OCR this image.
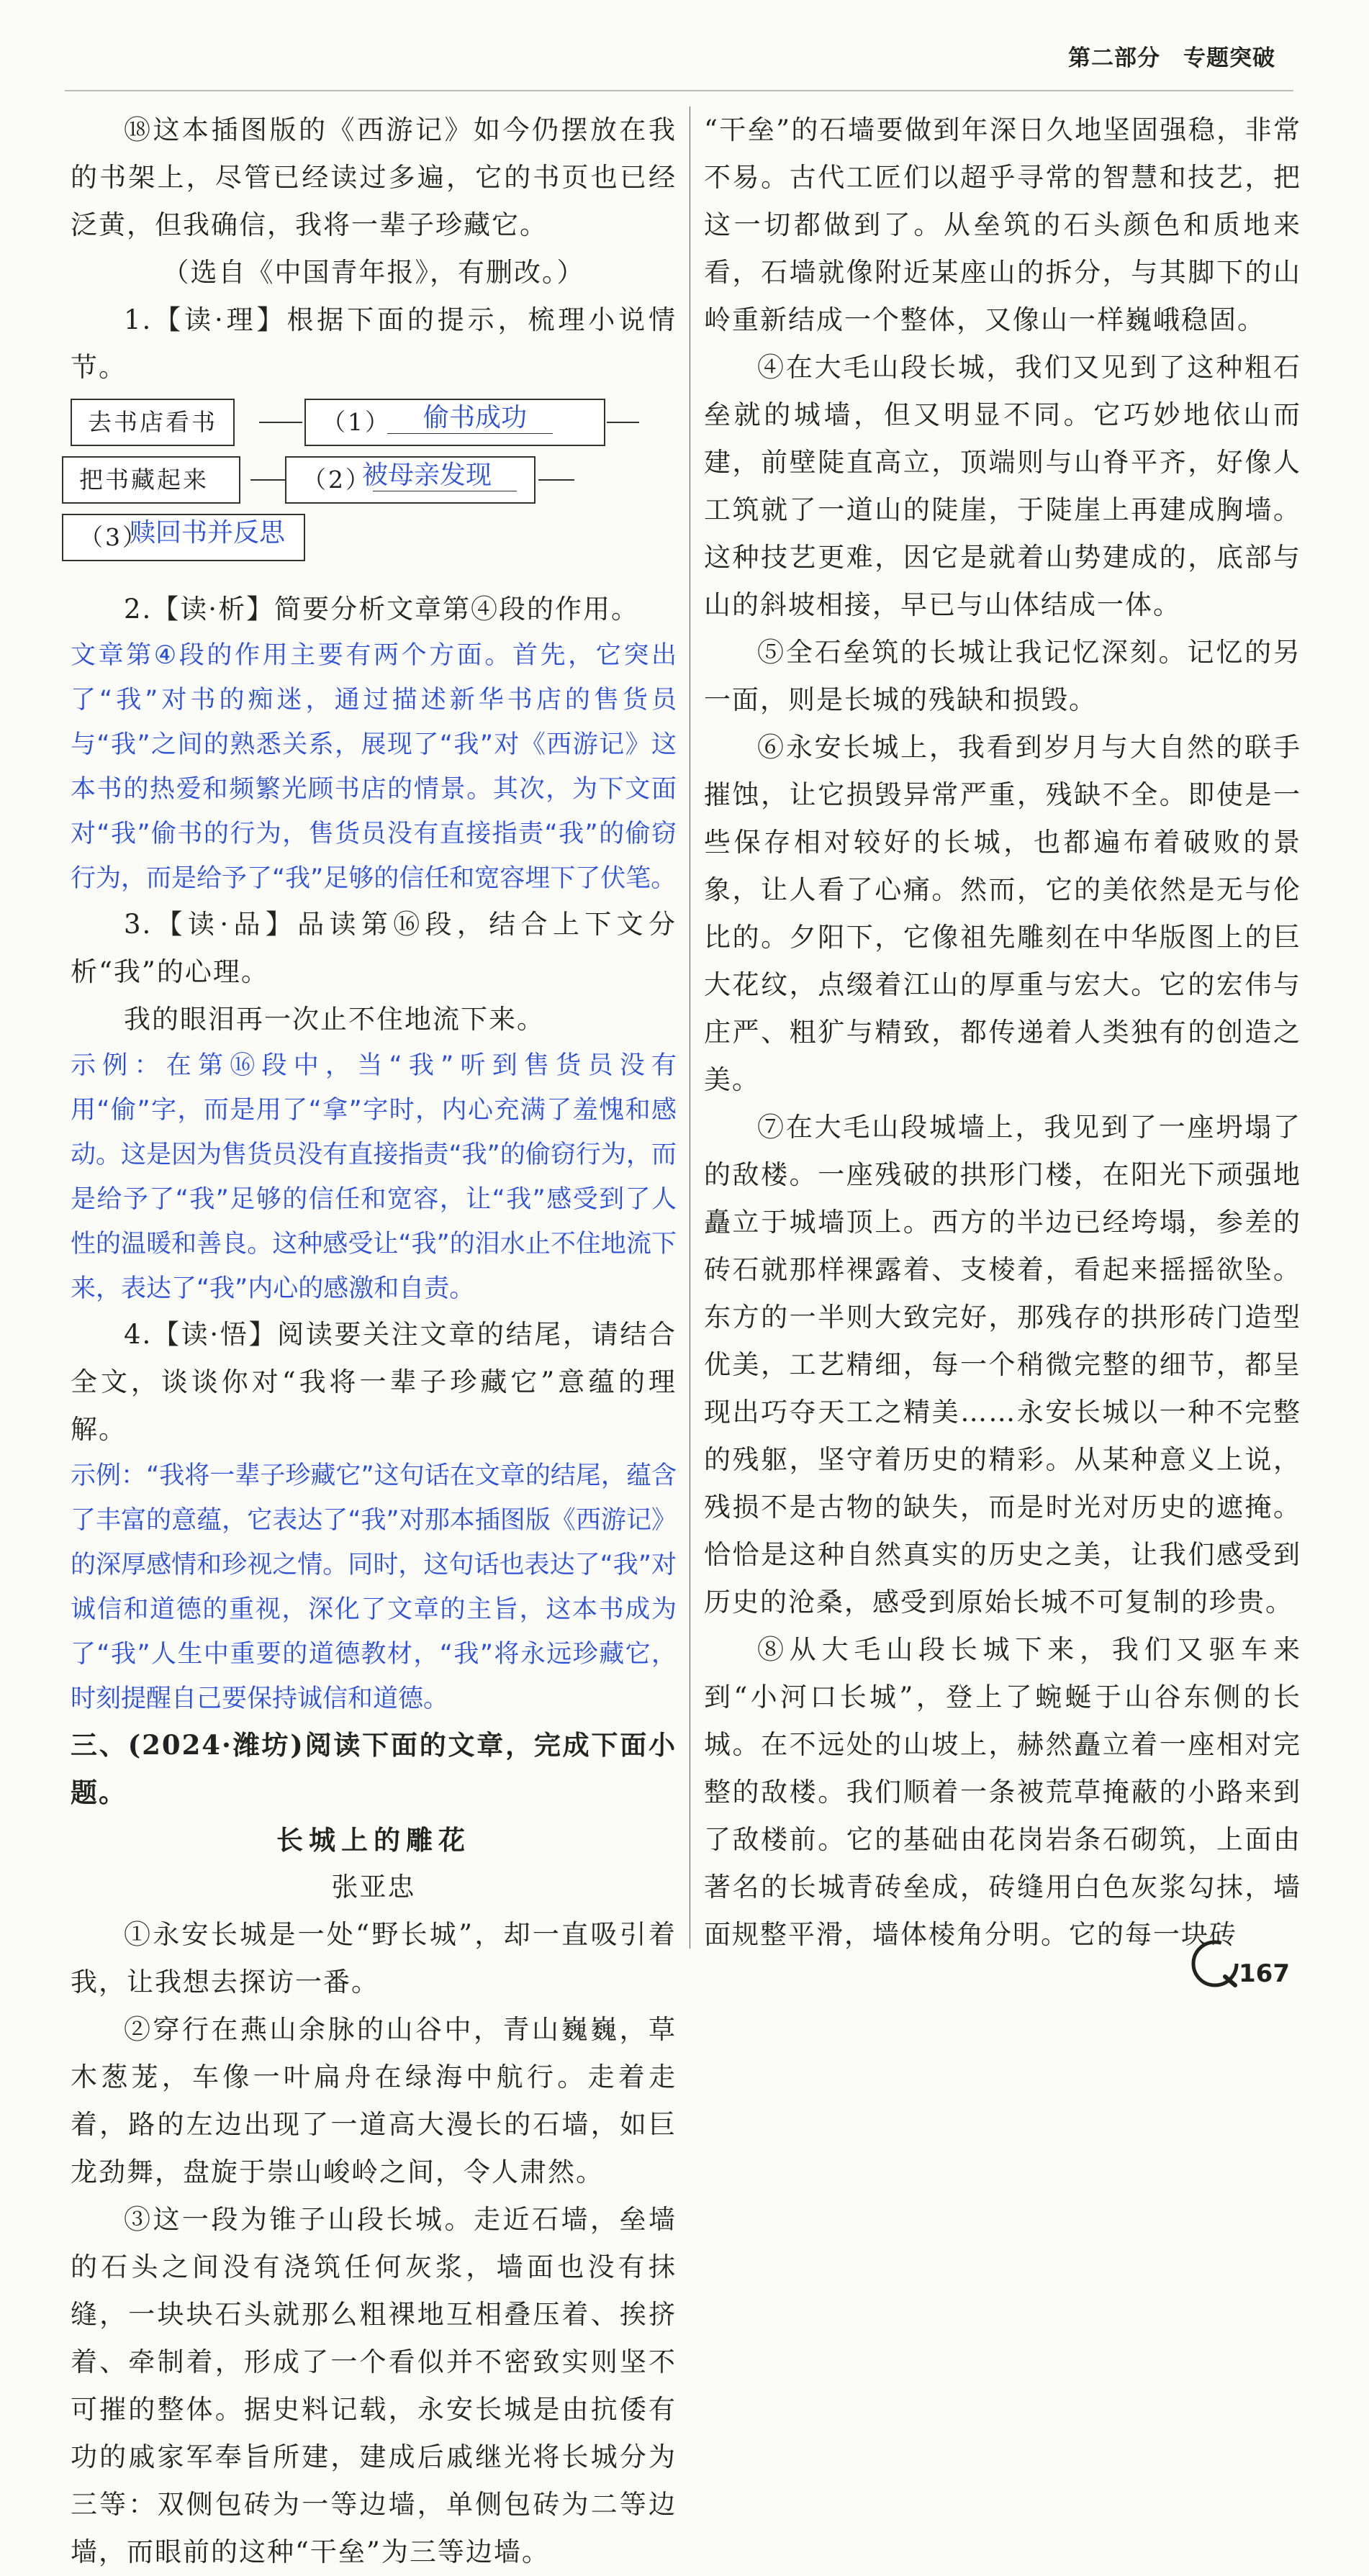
第二部分　专题突破

⑱这本插图版的《西游记》如今仍摆放在我的书架上，尽管已经读过多遍，它的书页也已经泛黄，但我确信，我将一辈子珍藏它。

（选自《中国青年报》，有删改。）

1.【读·理】根据下面的提示，梳理小说情节。

去书店看书	（1）	偷书成功
把书藏起来	（2）
被母亲发现
（3）
赎回书并反思

2.【读·析】简要分析文章第④段的作用。

文章第④段的作用主要有两个方面。首先，它突出了“我”对书的痴迷，通过描述新华书店的售货员与“我”之间的熟悉关系，展现了“我”对《西游记》这本书的热爱和频繁光顾书店的情景。其次，为下文面对“我”偷书的行为，售货员没有直接指责“我”的偷窃行为，而是给予了“我”足够的信任和宽容埋下了伏笔。

3.【读·品】品读第⑯段，结合上下文分析“我”的心理。

我的眼泪再一次止不住地流下来。

示例：在第⑯段中，当“我”听到售货员没有用“偷”字，而是用了“拿”字时，内心充满了羞愧和感动。这是因为售货员没有直接指责“我”的偷窃行为，而是给予了“我”足够的信任和宽容，让“我”感受到了人性的温暖和善良。这种感受让“我”的泪水止不住地流下来，表达了“我”内心的感激和自责。

4.【读·悟】阅读要关注文章的结尾，请结合全文，谈谈你对“我将一辈子珍藏它”意蕴的理解。

示例：“我将一辈子珍藏它”这句话在文章的结尾，蕴含了丰富的意蕴，它表达了“我”对那本插图版《西游记》的深厚感情和珍视之情。同时，这句话也表达了“我”对诚信和道德的重视，深化了文章的主旨，这本书成为了“我”人生中重要的道德教材，“我”将永远珍藏它，时刻提醒自己要保持诚信和道德。

三、(2024·潍坊)阅读下面的文章，完成下面小题。

长城上的雕花

张亚忠

①永安长城是一处“野长城”，却一直吸引着我，让我想去探访一番。

②穿行在燕山余脉的山谷中，青山巍巍，草木葱茏，车像一叶扁舟在绿海中航行。走着走着，路的左边出现了一道高大漫长的石墙，如巨龙劲舞，盘旋于崇山峻岭之间，令人肃然。

③这一段为锥子山段长城。走近石墙，垒墙的石头之间没有浇筑任何灰浆，墙面也没有抹缝，一块块石头就那么粗裸地互相叠压着、挨挤着、牵制着，形成了一个看似并不密致实则坚不可摧的整体。据史料记载，永安长城是由抗倭有功的戚家军奉旨所建，建成后戚继光将长城分为三等：双侧包砖为一等边墙，单侧包砖为二等边墙，而眼前的这种“干垒”为三等边墙。

“干垒”的石墙要做到年深日久地坚固强稳，非常不易。古代工匠们以超乎寻常的智慧和技艺，把这一切都做到了。从垒筑的石头颜色和质地来看，石墙就像附近某座山的拆分，与其脚下的山岭重新结成一个整体，又像山一样巍峨稳固。

④在大毛山段长城，我们又见到了这种粗石垒就的城墙，但又明显不同。它巧妙地依山而建，前壁陡直高立，顶端则与山脊平齐，好像人工筑就了一道山的陡崖，于陡崖上再建成胸墙。这种技艺更难，因它是就着山势建成的，底部与山的斜坡相接，早已与山体结成一体。

⑤全石垒筑的长城让我记忆深刻。记忆的另一面，则是长城的残缺和损毁。

⑥永安长城上，我看到岁月与大自然的联手摧蚀，让它损毁异常严重，残缺不全。即使是一些保存相对较好的长城，也都遍布着破败的景象，让人看了心痛。然而，它的美依然是无与伦比的。夕阳下，它像祖先雕刻在中华版图上的巨大花纹，点缀着江山的厚重与宏大。它的宏伟与庄严、粗犷与精致，都传递着人类独有的创造之美。

⑦在大毛山段城墙上，我见到了一座坍塌了的敌楼。一座残破的拱形门楼，在阳光下顽强地矗立于城墙顶上。西方的半边已经垮塌，参差的砖石就那样裸露着、支棱着，看起来摇摇欲坠。东方的一半则大致完好，那残存的拱形砖门造型优美，工艺精细，每一个稍微完整的细节，都呈现出巧夺天工之精美……永安长城以一种不完整的残躯，坚守着历史的精彩。从某种意义上说，残损不是古物的缺失，而是时光对历史的遮掩。恰恰是这种自然真实的历史之美，让我们感受到历史的沧桑，感受到原始长城不可复制的珍贵。

⑧从大毛山段长城下来，我们又驱车来到“小河口长城”，登上了蜿蜒于山谷东侧的长城。在不远处的山坡上，赫然矗立着一座相对完整的敌楼。我们顺着一条被荒草掩蔽的小路来到了敌楼前。它的基础由花岗岩条石砌筑，上面由著名的长城青砖垒成，砖缝用白色灰浆勾抹，墙面规整平滑，墙体棱角分明。它的每一块砖

167
